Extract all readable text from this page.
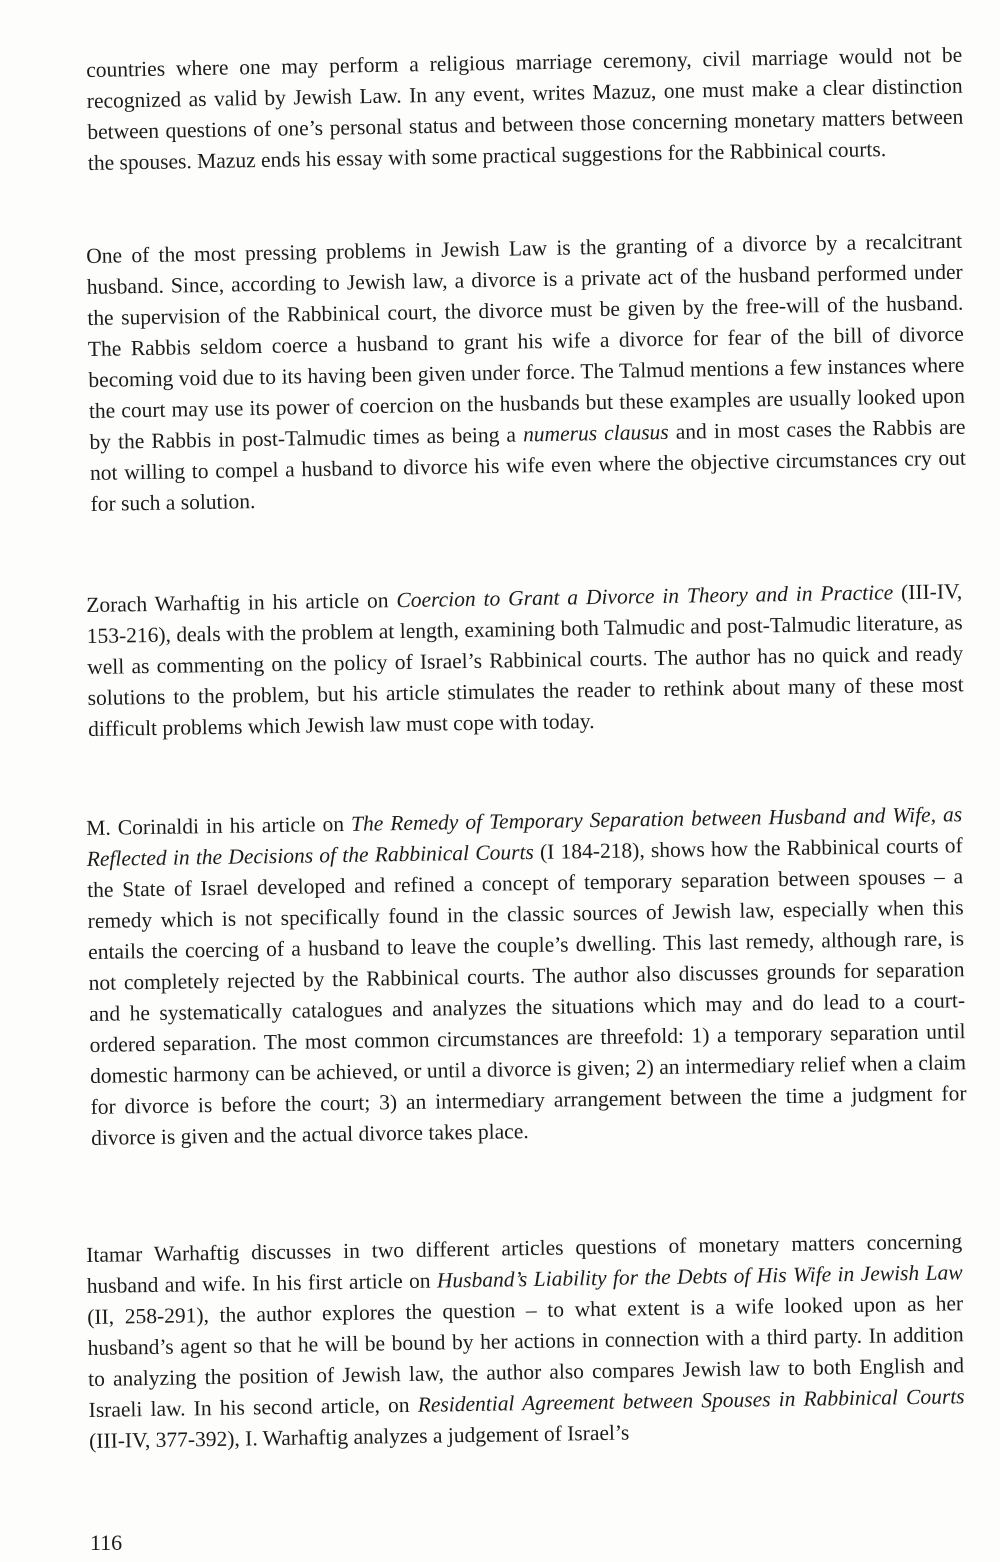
countries where one may perform a religious marriage ceremony, civil marriage would not be recognized as valid by Jewish Law. In any event, writes Mazuz, one must make a clear distinction between questions of one’s personal status and between those concerning monetary matters between the spouses. Mazuz ends his essay with some practical suggestions for the Rabbinical courts.

One of the most pressing problems in Jewish Law is the granting of a divorce by a recalcitrant husband. Since, according to Jewish law, a divorce is a private act of the husband performed under the supervision of the Rabbinical court, the divorce must be given by the free-will of the husband. The Rabbis seldom coerce a husband to grant his wife a divorce for fear of the bill of divorce becoming void due to its having been given under force. The Talmud mentions a few instances where the court may use its power of coercion on the husbands but these examples are usually looked upon by the Rabbis in post-Talmudic times as being a numerus clausus and in most cases the Rabbis are not willing to compel a husband to divorce his wife even where the objective circumstances cry out for such a solution.

Zorach Warhaftig in his article on Coercion to Grant a Divorce in Theory and in Practice (III-IV, 153-216), deals with the problem at length, examining both Talmudic and post-Talmudic literature, as well as commenting on the policy of Israel’s Rabbinical courts. The author has no quick and ready solutions to the problem, but his article stimulates the reader to rethink about many of these most difficult problems which Jewish law must cope with today.

M. Corinaldi in his article on The Remedy of Temporary Separation between Husband and Wife, as Reflected in the Decisions of the Rabbinical Courts (I 184-218), shows how the Rabbinical courts of the State of Israel developed and refined a concept of temporary separation between spouses – a remedy which is not specifically found in the classic sources of Jewish law, especially when this entails the coercing of a husband to leave the couple’s dwelling. This last remedy, although rare, is not completely rejected by the Rabbinical courts. The author also discusses grounds for separation and he systematically catalogues and analyzes the situations which may and do lead to a court-ordered separation. The most common circumstances are threefold: 1) a temporary separation until domestic harmony can be achieved, or until a divorce is given; 2) an intermediary relief when a claim for divorce is before the court; 3) an intermediary arrangement between the time a judgment for divorce is given and the actual divorce takes place.

Itamar Warhaftig discusses in two different articles questions of monetary matters concerning husband and wife. In his first article on Husband’s Liability for the Debts of His Wife in Jewish Law (II, 258-291), the author explores the question – to what extent is a wife looked upon as her husband’s agent so that he will be bound by her actions in connection with a third party. In addition to analyzing the position of Jewish law, the author also compares Jewish law to both English and Israeli law. In his second article, on Residential Agreement between Spouses in Rabbinical Courts (III-IV, 377-392), I. Warhaftig analyzes a judgement of Israel’s

116
